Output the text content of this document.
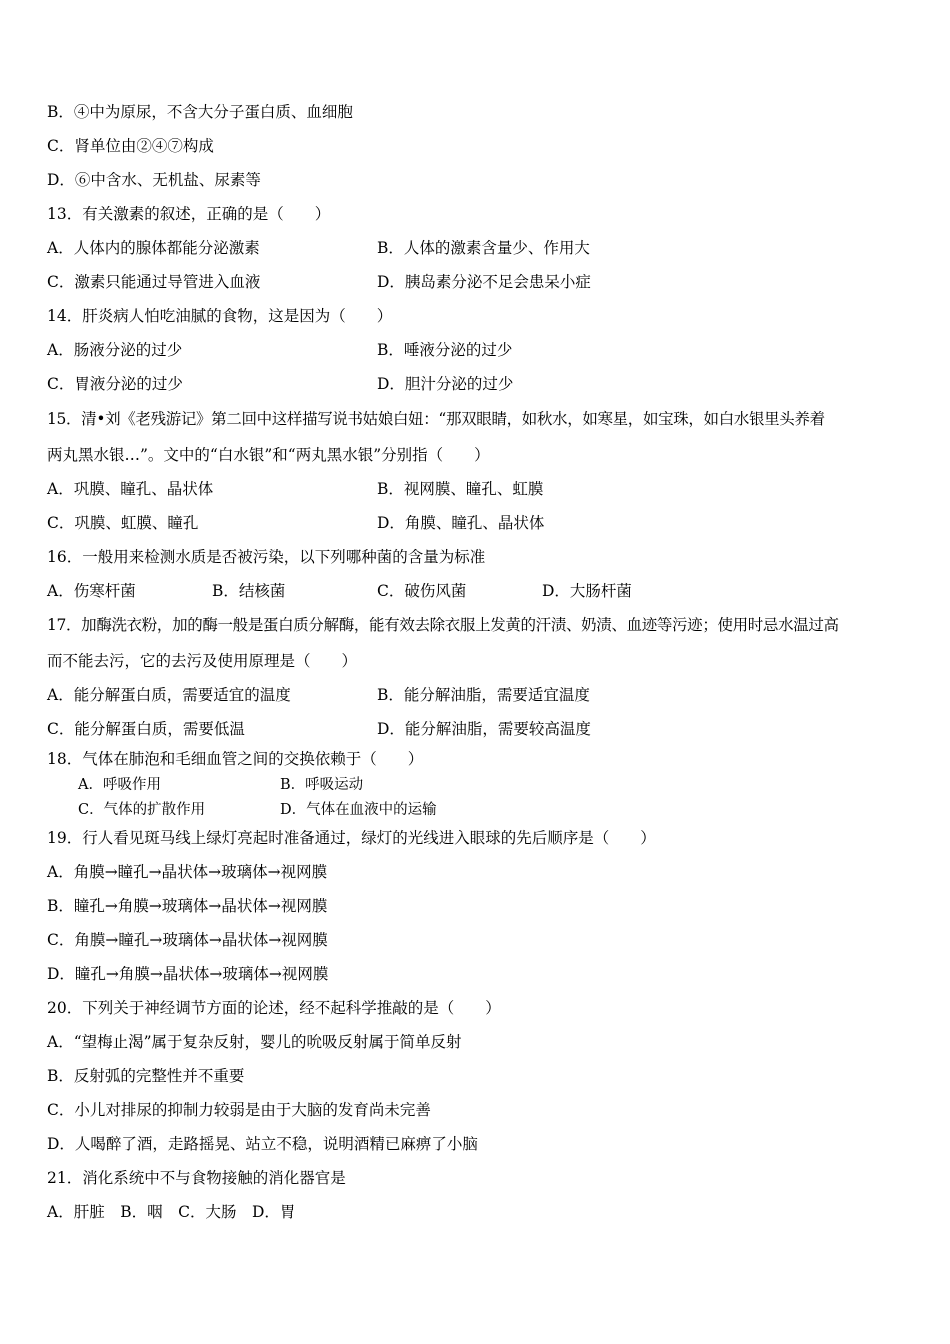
B．④中为原尿，不含大分子蛋白质、血细胞
C．肾单位由②④⑦构成
D．⑥中含水、无机盐、尿素等
13．有关激素的叙述，正确的是（　　）
A．人体内的腺体都能分泌激素	B．人体的激素含量少、作用大
C．激素只能通过导管进入血液	D．胰岛素分泌不足会患呆小症
14．肝炎病人怕吃油腻的食物，这是因为（　　）
A．肠液分泌的过少	B．唾液分泌的过少
C．胃液分泌的过少	D．胆汁分泌的过少
15．清•刘《老残游记》第二回中这样描写说书姑娘白妞：“那双眼睛，如秋水，如寒星，如宝珠，如白水银里头养着
两丸黑水银…”。文中的“白水银”和“两丸黑水银”分别指（　　）
A．巩膜、瞳孔、晶状体	B．视网膜、瞳孔、虹膜
C．巩膜、虹膜、瞳孔	D．角膜、瞳孔、晶状体
16．一般用来检测水质是否被污染，以下列哪种菌的含量为标准
A．伤寒杆菌	B．结核菌	C．破伤风菌	D．大肠杆菌
17．加酶洗衣粉，加的酶一般是蛋白质分解酶，能有效去除衣服上发黄的汗渍、奶渍、血迹等污迹；使用时忌水温过高
而不能去污，它的去污及使用原理是（　　）
A．能分解蛋白质，需要适宜的温度	B．能分解油脂，需要适宜温度
C．能分解蛋白质，需要低温	D．能分解油脂，需要较高温度
18．气体在肺泡和毛细血管之间的交换依赖于（　　）
A．呼吸作用	B．呼吸运动
C．气体的扩散作用	D．气体在血液中的运输
19．行人看见斑马线上绿灯亮起时准备通过，绿灯的光线进入眼球的先后顺序是（　　）
A．角膜→瞳孔→晶状体→玻璃体→视网膜
B．瞳孔→角膜→玻璃体→晶状体→视网膜
C．角膜→瞳孔→玻璃体→晶状体→视网膜
D．瞳孔→角膜→晶状体→玻璃体→视网膜
20．下列关于神经调节方面的论述，经不起科学推敲的是（　　）
A．“望梅止渴”属于复杂反射，婴儿的吮吸反射属于简单反射
B．反射弧的完整性并不重要
C．小儿对排尿的抑制力较弱是由于大脑的发育尚未完善
D．人喝醉了酒，走路摇晃、站立不稳，说明酒精已麻痹了小脑
21．消化系统中不与食物接触的消化器官是
A．肝脏　B．咽　C．大肠　D．胃
